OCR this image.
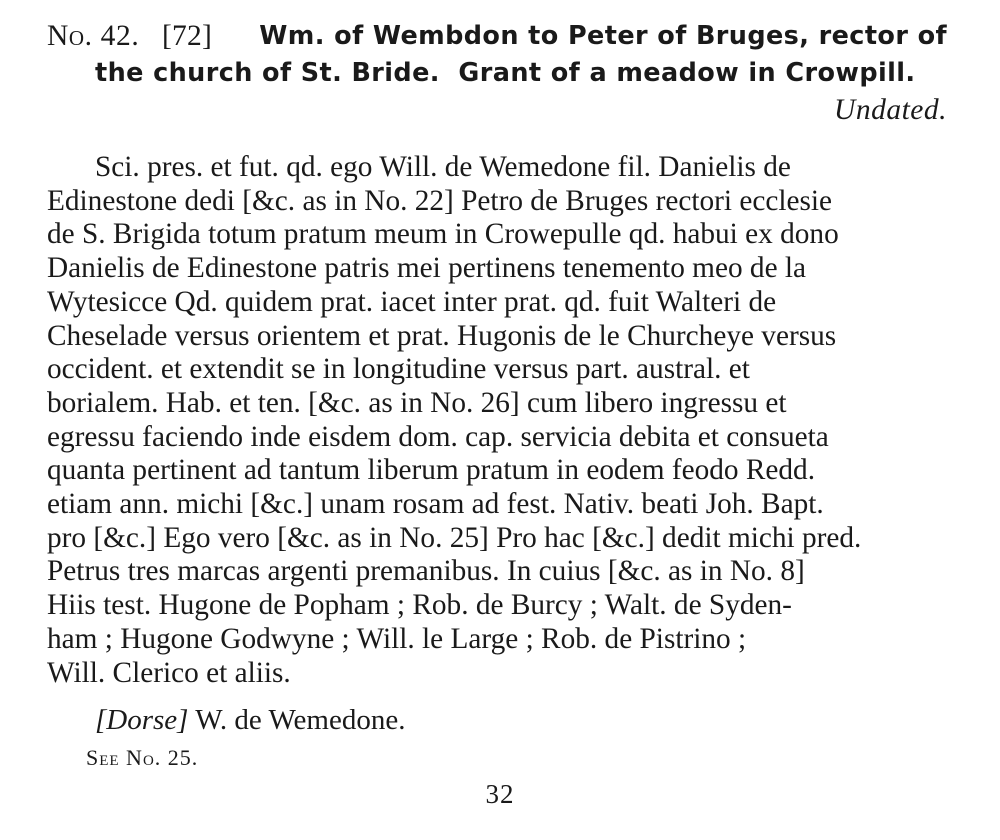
No. 42. [72] Wm. of Wembdon to Peter of Bruges, rector of
the church of St. Bride.  Grant of a meadow in Crowpill.
Undated.
Sci. pres. et fut. qd. ego Will. de Wemedone fil. Danielis de
Edinestone dedi [&c. as in No. 22] Petro de Bruges rectori ecclesie
de S. Brigida totum pratum meum in Crowepulle qd. habui ex dono
Danielis de Edinestone patris mei pertinens tenemento meo de la
Wytesicce Qd. quidem prat. iacet inter prat. qd. fuit Walteri de
Cheselade versus orientem et prat. Hugonis de le Churcheye versus
occident. et extendit se in longitudine versus part. austral. et
borialem. Hab. et ten. [&c. as in No. 26] cum libero ingressu et
egressu faciendo inde eisdem dom. cap. servicia debita et consueta
quanta pertinent ad tantum liberum pratum in eodem feodo Redd.
etiam ann. michi [&c.] unam rosam ad fest. Nativ. beati Joh. Bapt.
pro [&c.] Ego vero [&c. as in No. 25] Pro hac [&c.] dedit michi pred.
Petrus tres marcas argenti premanibus. In cuius [&c. as in No. 8]
Hiis test. Hugone de Popham ; Rob. de Burcy ; Walt. de Syden-
ham ; Hugone Godwyne ; Will. le Large ; Rob. de Pistrino ;
Will. Clerico et aliis.
[Dorse] W. de Wemedone.
See No. 25.
32
